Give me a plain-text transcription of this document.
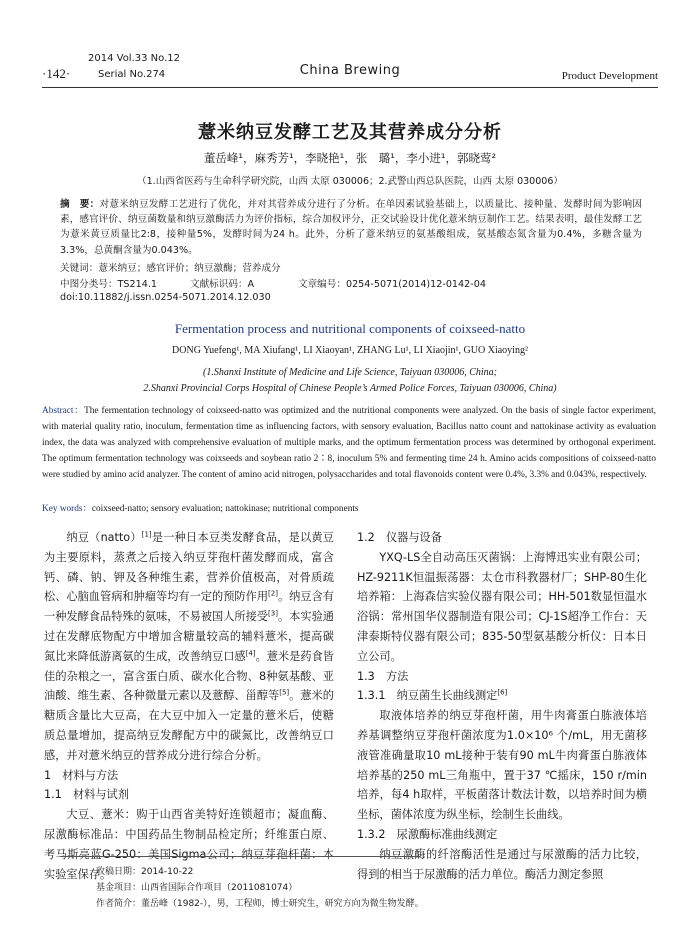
·142·
2014 Vol.33 No.12
Serial No.274	China Brewing	Product Development
薏米纳豆发酵工艺及其营养成分分析
董岳峰¹，麻秀芳¹，李晓艳¹，张　璐¹，李小进¹，郭晓莺²
（1.山西省医药与生命科学研究院，山西 太原 030006；2.武警山西总队医院，山西 太原 030006）
摘　要：对薏米纳豆发酵工艺进行了优化，并对其营养成分进行了分析。在单因素试验基础上，以质量比、接种量、发酵时间为影响因素，感官评价、纳豆菌数量和纳豆激酶活力为评价指标，综合加权评分，正交试验设计优化薏米纳豆制作工艺。结果表明，最佳发酵工艺为薏米黄豆质量比2:8，接种量5%，发酵时间为24 h。此外，分析了薏米纳豆的氨基酸组成，氨基酸态氮含量为0.4%，多糖含量为3.3%，总黄酮含量为0.043%。
关键词：薏米纳豆；感官评价；纳豆激酶；营养成分
中图分类号：TS214.1	文献标识码：A	文章编号：0254-5071(2014)12-0142-04
doi:10.11882/j.issn.0254-5071.2014.12.030
Fermentation process and nutritional components of coixseed-natto
DONG Yuefeng¹, MA Xiufang¹, LI Xiaoyan¹, ZHANG Lu¹, LI Xiaojin¹, GUO Xiaoying²
(1.Shanxi Institute of Medicine and Life Science, Taiyuan 030006, China;
2.Shanxi Provincial Corps Hospital of Chinese People’s Armed Police Forces, Taiyuan 030006, China)
Abstract：The fermentation technology of coixseed-natto was optimized and the nutritional components were analyzed. On the basis of single factor experiment, with material quality ratio, inoculum, fermentation time as influencing factors, with sensory evaluation, Bacillus natto count and nattokinase activity as evaluation index, the data was analyzed with comprehensive evaluation of multiple marks, and the optimum fermentation process was determined by orthogonal experiment. The optimum fermentation technology was coixseeds and soybean ratio 2∶8, inoculum 5% and fermenting time 24 h. Amino acids compositions of coixseed-natto were studied by amino acid analyzer. The content of amino acid nitrogen, polysaccharides and total flavonoids content were 0.4%, 3.3% and 0.043%, respectively.
Key words：coixseed-natto; sensory evaluation; nattokinase; nutritional components

纳豆（natto）[1]是一种日本豆类发酵食品，是以黄豆为主要原料，蒸煮之后接入纳豆芽孢杆菌发酵而成，富含钙、磷、钠、钾及各种维生素，营养价值极高，对骨质疏松、心脑血管病和肿瘤等均有一定的预防作用[2]。纳豆含有一种发酵食品特殊的氨味，不易被国人所接受[3]。本实验通过在发酵底物配方中增加含糖量较高的辅料薏米，提高碳氮比来降低游离氨的生成，改善纳豆口感[4]。薏米是药食皆佳的杂粮之一，富含蛋白质、碳水化合物、8种氨基酸、亚油酸、维生素、各种微量元素以及薏醇、甾醇等[5]。薏米的糖质含量比大豆高，在大豆中加入一定量的薏米后，使糖质总量增加，提高纳豆发酵配方中的碳氮比，改善纳豆口感，并对薏米纳豆的营养成分进行综合分析。

1　材料与方法

1.1　材料与试剂

大豆、薏米：购于山西省美特好连锁超市；凝血酶、尿激酶标准品：中国药品生物制品检定所；纤维蛋白原、考马斯亮蓝G-250：美国Sigma公司；纳豆芽孢杆菌：本实验室保存。

1.2　仪器与设备

YXQ-LS全自动高压灭菌锅：上海博迅实业有限公司；HZ-9211K恒温振荡器：太仓市科教器材厂；SHP-80生化培养箱：上海森信实验仪器有限公司；HH-501数显恒温水浴锅：常州国华仪器制造有限公司；CJ-1S超净工作台：天津泰斯特仪器有限公司；835-50型氨基酸分析仪：日本日立公司。

1.3　方法

1.3.1　纳豆菌生长曲线测定[6]

取液体培养的纳豆芽孢杆菌，用牛肉膏蛋白胨液体培养基调整纳豆芽孢杆菌浓度为1.0×10⁶ 个/mL，用无菌移液管准确量取10 mL接种于装有90 mL牛肉膏蛋白胨液体培养基的250 mL三角瓶中，置于37 ℃摇床，150 r/min培养，每4 h取样，平板菌落计数法计数，以培养时间为横坐标，菌体浓度为纵坐标，绘制生长曲线。

1.3.2　尿激酶标准曲线测定

纳豆激酶的纤溶酶活性是通过与尿激酶的活力比较，得到的相当于尿激酶的活力单位。酶活力测定参照

收稿日期：2014-10-22
基金项目：山西省国际合作项目（2011081074）
作者简介：董岳峰（1982-），男，工程师，博士研究生，研究方向为微生物发酵。
